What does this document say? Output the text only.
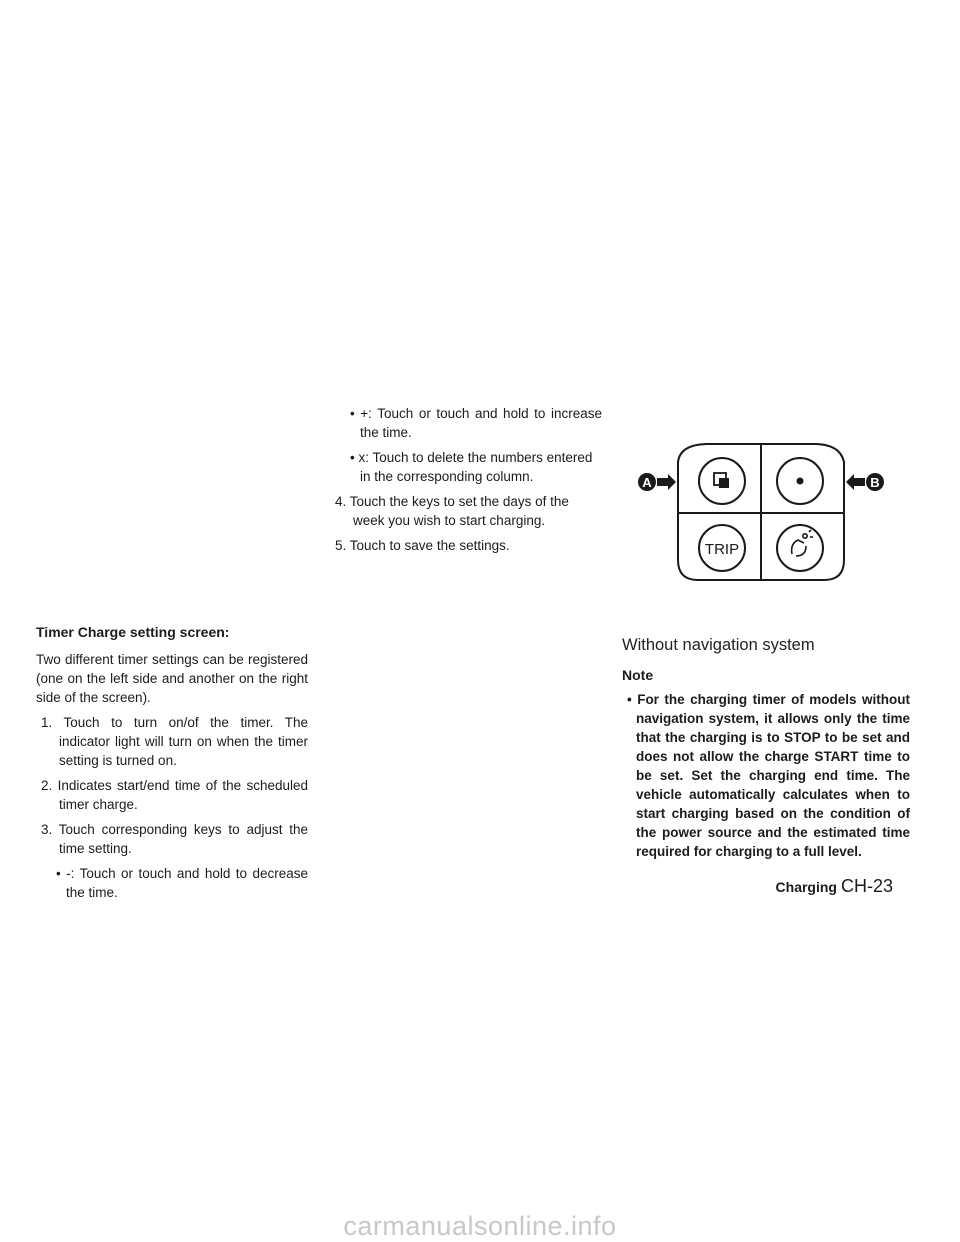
Timer Charge setting screen:

Two different timer settings can be registered (one on the left side and another on the right side of the screen).

1. Touch to turn on/of the timer. The indicator light will turn on when the timer setting is turned on.

2. Indicates start/end time of the scheduled timer charge.

3. Touch corresponding keys to adjust the time setting.

• -: Touch or touch and hold to decrease the time.

• +: Touch or touch and hold to increase the time.

• x: Touch to delete the numbers entered in the corresponding column.

4. Touch the keys to set the days of the week you wish to start charging.

5. Touch to save the settings.	TRIP
A	B
Without navigation system
Note
• For the charging timer of models without navigation system, it allows only the time that the charging is to STOP to be set and does not allow the charge START time to be set. Set the charging end time. The vehicle automatically calculates when to start charging based on the condition of the power source and the estimated time required for charging to a full level.
Charging CH-23
carmanualsonline.info
